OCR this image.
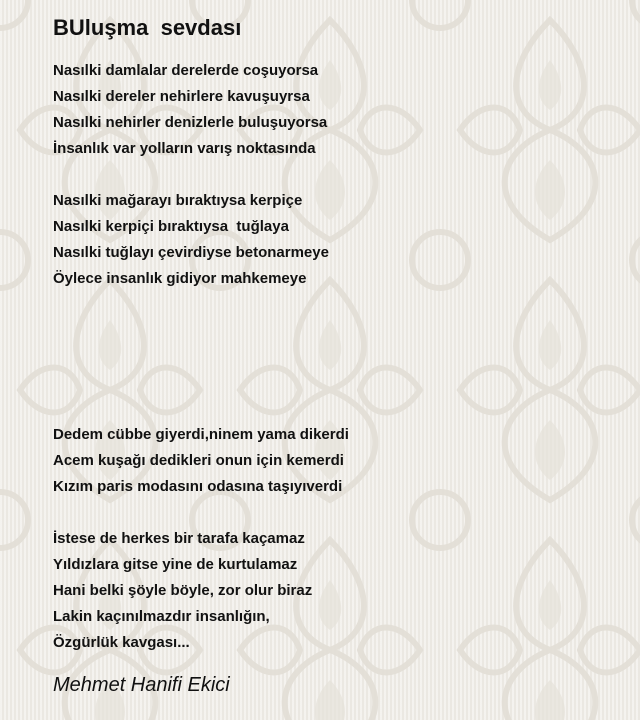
BUluşma  sevdası
Nasılki damlalar derelerde coşuyorsa
Nasılki dereler nehirlere kavuşuyrsa
Nasılki nehirler denizlerle buluşuyorsa
İnsanlık var yolların varış noktasında
Nasılki mağarayı bıraktıysa kerpiçe
Nasılki kerpiçi bıraktıysa  tuğlaya
Nasılki tuğlayı çevirdiyse betonarmeye
Öylece insanlık gidiyor mahkemeye
Dedem cübbe giyerdi,ninem yama dikerdi
Acem kuşağı dedikleri onun için kemerdi
Kızım paris modasını odasına taşıyıverdi
İstese de herkes bir tarafa kaçamaz
Yıldızlara gitse yine de kurtulamaz
Hani belki şöyle böyle, zor olur biraz
Lakin kaçınılmazdır insanlığın,
Özgürlük kavgası...
Mehmet Hanifi Ekici
